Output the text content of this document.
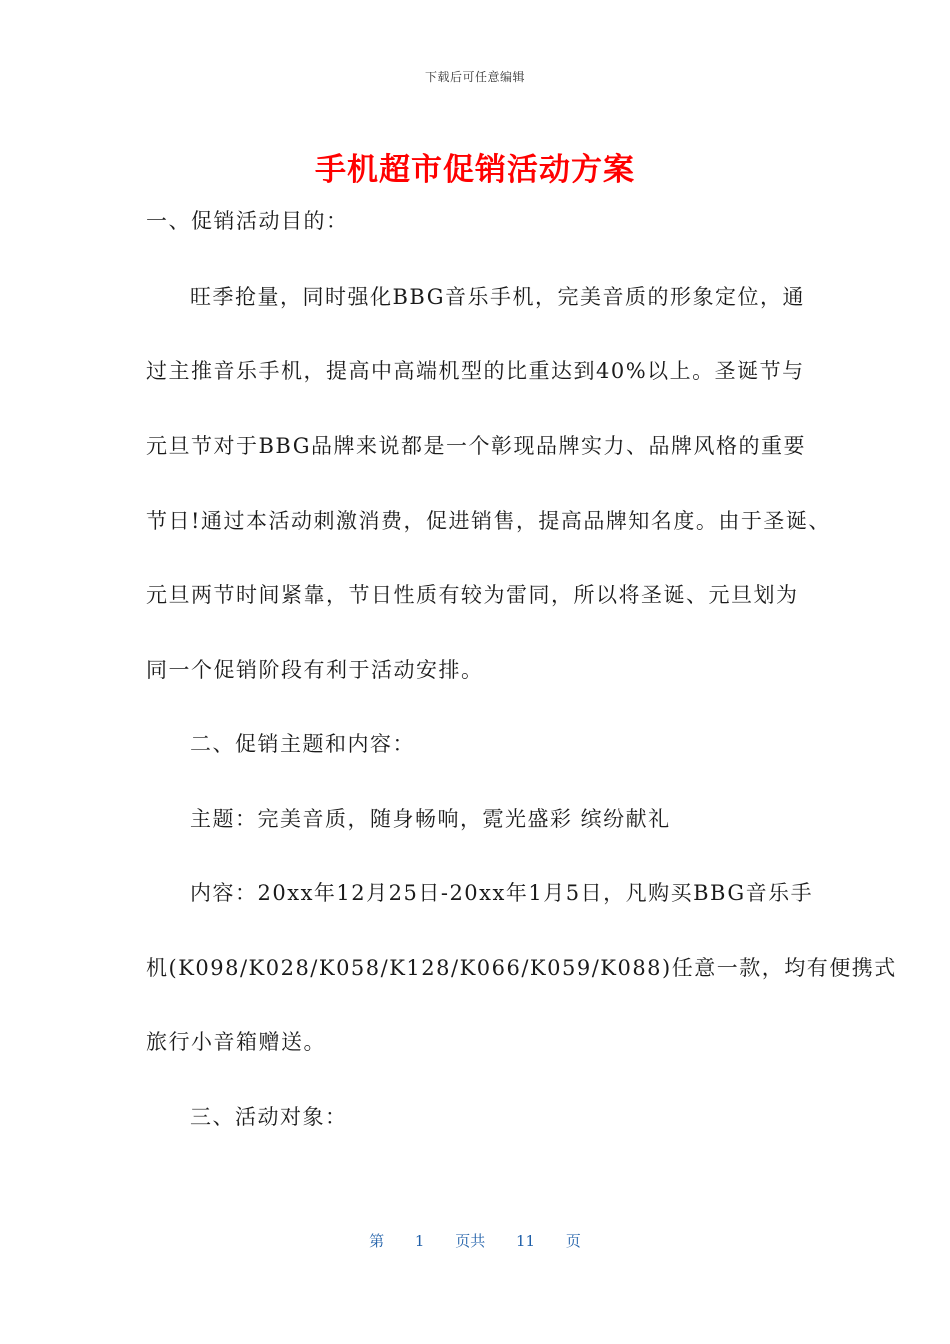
下载后可任意编辑
手机超市促销活动方案

一、促销活动目的：

旺季抢量，同时强化BBG音乐手机，完美音质的形象定位，通

过主推音乐手机，提高中高端机型的比重达到40%以上。圣诞节与

元旦节对于BBG品牌来说都是一个彰现品牌实力、品牌风格的重要

节日!通过本活动刺激消费，促进销售，提高品牌知名度。由于圣诞、

元旦两节时间紧靠，节日性质有较为雷同，所以将圣诞、元旦划为

同一个促销阶段有利于活动安排。

二、促销主题和内容：

主题：完美音质，随身畅响，霓光盛彩 缤纷献礼

内容：20xx年12月25日-20xx年1月5日，凡购买BBG音乐手

机(K098/K028/K058/K128/K066/K059/K088)任意一款，均有便携式

旅行小音箱赠送。

三、活动对象：

第 1 页共 11 页
